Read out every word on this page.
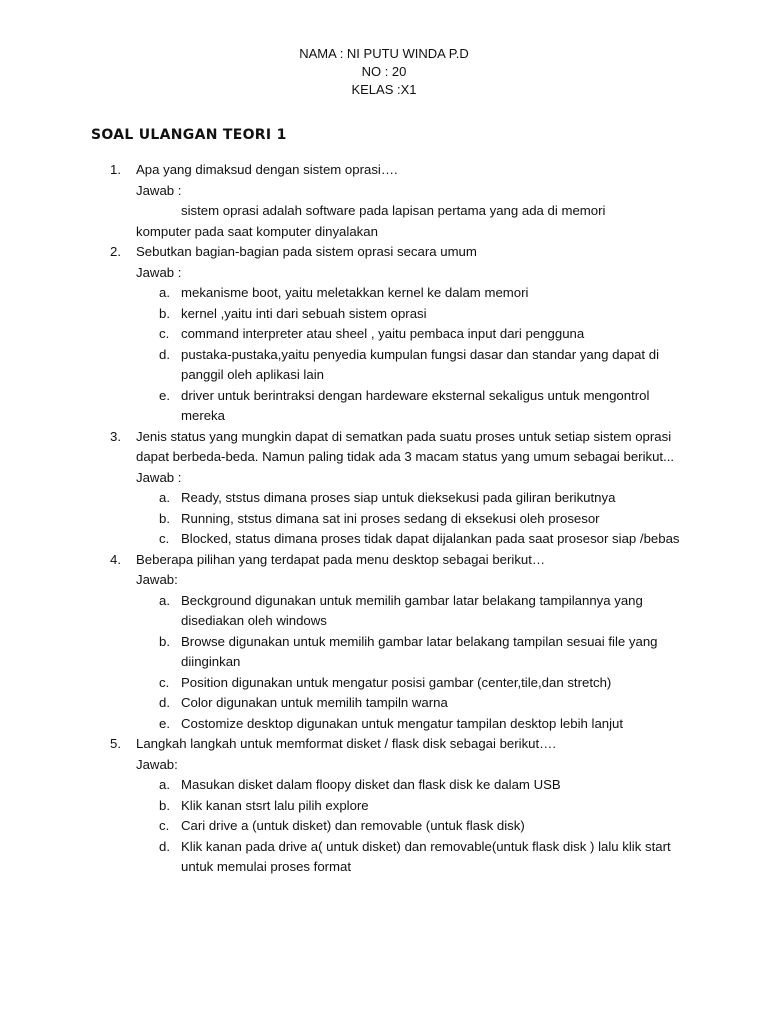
NAMA : NI PUTU WINDA P.D
NO : 20
KELAS :X1
SOAL ULANGAN TEORI 1
1. Apa yang dimaksud dengan sistem oprasi….
Jawab :
sistem oprasi adalah software pada lapisan pertama yang ada di memori
komputer pada saat komputer dinyalakan
2. Sebutkan bagian-bagian pada sistem oprasi secara umum
Jawab :
a. mekanisme boot, yaitu meletakkan kernel ke dalam memori
b. kernel ,yaitu inti dari sebuah sistem oprasi
c. command interpreter atau sheel , yaitu pembaca input dari pengguna
d. pustaka-pustaka,yaitu penyedia kumpulan fungsi dasar dan standar yang dapat di panggil oleh aplikasi lain
e. driver untuk berintraksi dengan hardeware eksternal sekaligus untuk mengontrol mereka
3. Jenis status yang mungkin dapat di sematkan pada suatu proses untuk setiap sistem oprasi dapat berbeda-beda. Namun paling tidak ada 3 macam status yang umum sebagai berikut...
Jawab :
a. Ready, ststus dimana proses siap untuk dieksekusi pada giliran berikutnya
b. Running, ststus dimana sat ini proses sedang di eksekusi oleh prosesor
c. Blocked, status dimana proses tidak dapat dijalankan pada saat prosesor siap /bebas
4. Beberapa pilihan yang terdapat pada menu desktop sebagai berikut…
Jawab:
a. Beckground digunakan untuk memilih gambar latar belakang tampilannya yang disediakan oleh windows
b. Browse digunakan untuk memilih gambar latar belakang tampilan sesuai file yang diinginkan
c. Position digunakan untuk mengatur posisi gambar (center,tile,dan stretch)
d. Color digunakan untuk memilih tampiln warna
e. Costomize desktop digunakan untuk mengatur tampilan desktop lebih lanjut
5. Langkah langkah untuk memformat disket / flask disk sebagai berikut….
Jawab:
a. Masukan disket dalam floopy disket dan flask disk ke dalam USB
b. Klik kanan stsrt lalu pilih explore
c. Cari drive a (untuk disket) dan removable (untuk flask disk)
d. Klik kanan pada drive a( untuk disket) dan removable(untuk flask disk ) lalu klik start untuk memulai proses format
